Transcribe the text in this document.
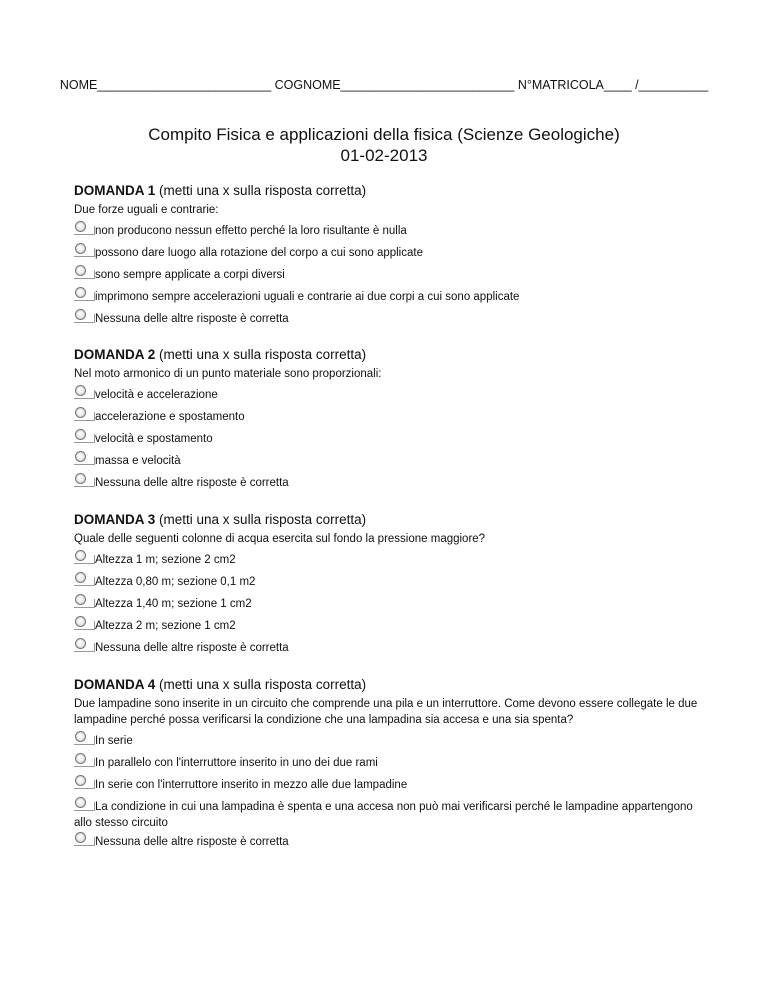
NOME_________________________ COGNOME_________________________ N°MATRICOLA____ /__________
Compito Fisica e applicazioni della fisica (Scienze Geologiche)
01-02-2013
DOMANDA 1 (metti una x sulla risposta corretta)
Due forze uguali e contrarie:
non producono nessun effetto perché la loro risultante è nulla
possono dare luogo alla rotazione del corpo a cui sono applicate
sono sempre applicate a corpi diversi
imprimono sempre accelerazioni uguali e contrarie ai due corpi a cui sono applicate
Nessuna delle altre risposte è corretta
DOMANDA 2 (metti una x sulla risposta corretta)
Nel moto armonico di un punto materiale sono proporzionali:
velocità e accelerazione
accelerazione e spostamento
velocità e spostamento
massa e velocità
Nessuna delle altre risposte è corretta
DOMANDA 3 (metti una x sulla risposta corretta)
Quale delle seguenti colonne di acqua esercita sul fondo la pressione maggiore?
Altezza 1 m; sezione 2 cm2
Altezza 0,80 m; sezione 0,1 m2
Altezza 1,40 m; sezione 1 cm2
Altezza 2 m; sezione 1 cm2
Nessuna delle altre risposte è corretta
DOMANDA 4 (metti una x sulla risposta corretta)
Due lampadine sono inserite in un circuito che comprende una pila e un interruttore. Come devono essere collegate le due lampadine perché possa verificarsi la condizione che una lampadina sia accesa e una sia spenta?
In serie
In parallelo con l'interruttore inserito in uno dei due rami
In serie con l'interruttore inserito in mezzo alle due lampadine
La condizione in cui una lampadina è spenta e una accesa non può mai verificarsi perché le lampadine appartengono allo stesso circuito
Nessuna delle altre risposte è corretta
